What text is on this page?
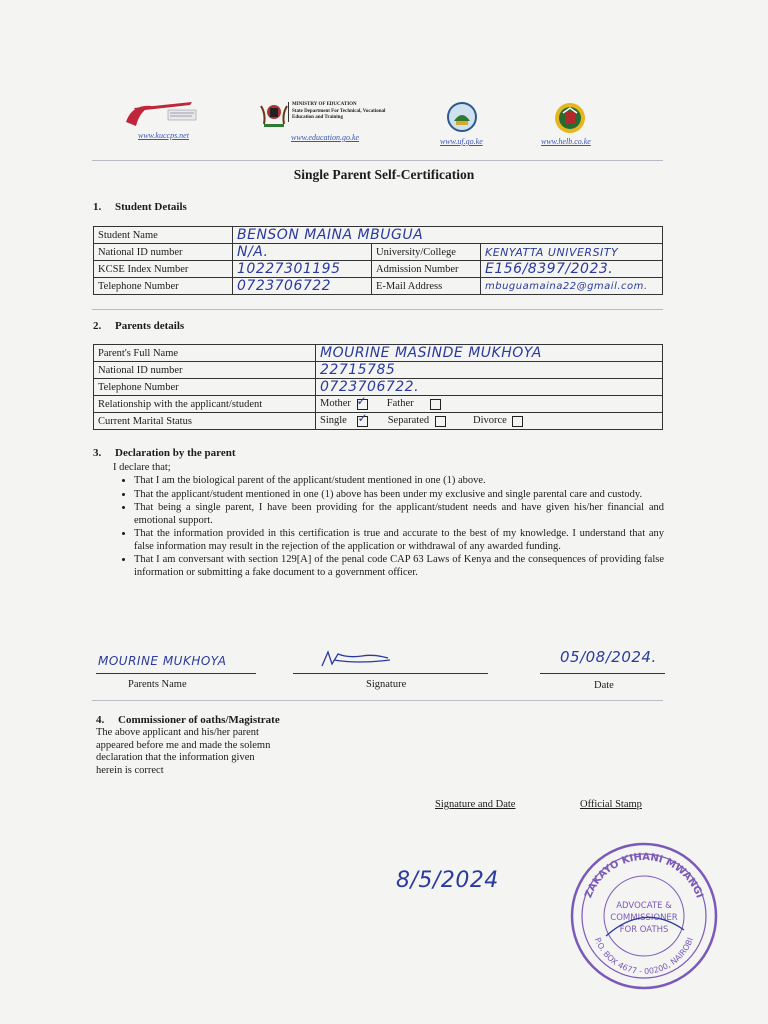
www.kuccps.net
MINISTRY OF EDUCATION
State Department For Technical, Vocational
Education and Training
www.education.go.ke	www.uf.go.ke	www.helb.co.ke
Single Parent Self-Certification
1. Student Details
Student Name	BENSON MAINA MBUGUA		
National ID number	N/A.	University/College	KENYATTA UNIVERSITY
KCSE Index Number	10227301195	Admission Number	E156/8397/2023.
Telephone Number	0723706722	E-Mail Address	mbuguamaina22@gmail.com.
2. Parents details
Parent's Full Name	MOURINE MASINDE MUKHOYA
National ID number	22715785
Telephone Number	0723706722.
Relationship with the applicant/student	Mother ✓ Father
Current Marital Status	Single ✓ Separated Divorce
3. Declaration by the parent
I declare that;
• That I am the biological parent of the applicant/student mentioned in one (1) above.
• That the applicant/student mentioned in one (1) above has been under my exclusive and single parental care and custody.
• That being a single parent, I have been providing for the applicant/student needs and have given his/her financial and emotional support.
• That the information provided in this certification is true and accurate to the best of my knowledge. I understand that any false information may result in the rejection of the application or withdrawal of any awarded funding.
• That I am conversant with section 129[A] of the penal code CAP 63 Laws of Kenya and the consequences of providing false information or submitting a fake document to a government officer.
MOURINE MUKHOYA
Parents Name	Signature
05/08/2024.
Date
4. Commissioner of oaths/Magistrate
The above applicant and his/her parent
appeared before me and made the solemn
declaration that the information given
herein is correct
Signature and Date	Official Stamp
8/5/2024
ZAKAYO KIHANI MWANGI
P.O. BOX 4677 - 00200, NAIROBI
ADVOCATE &
COMMISSIONER
FOR OATHS
